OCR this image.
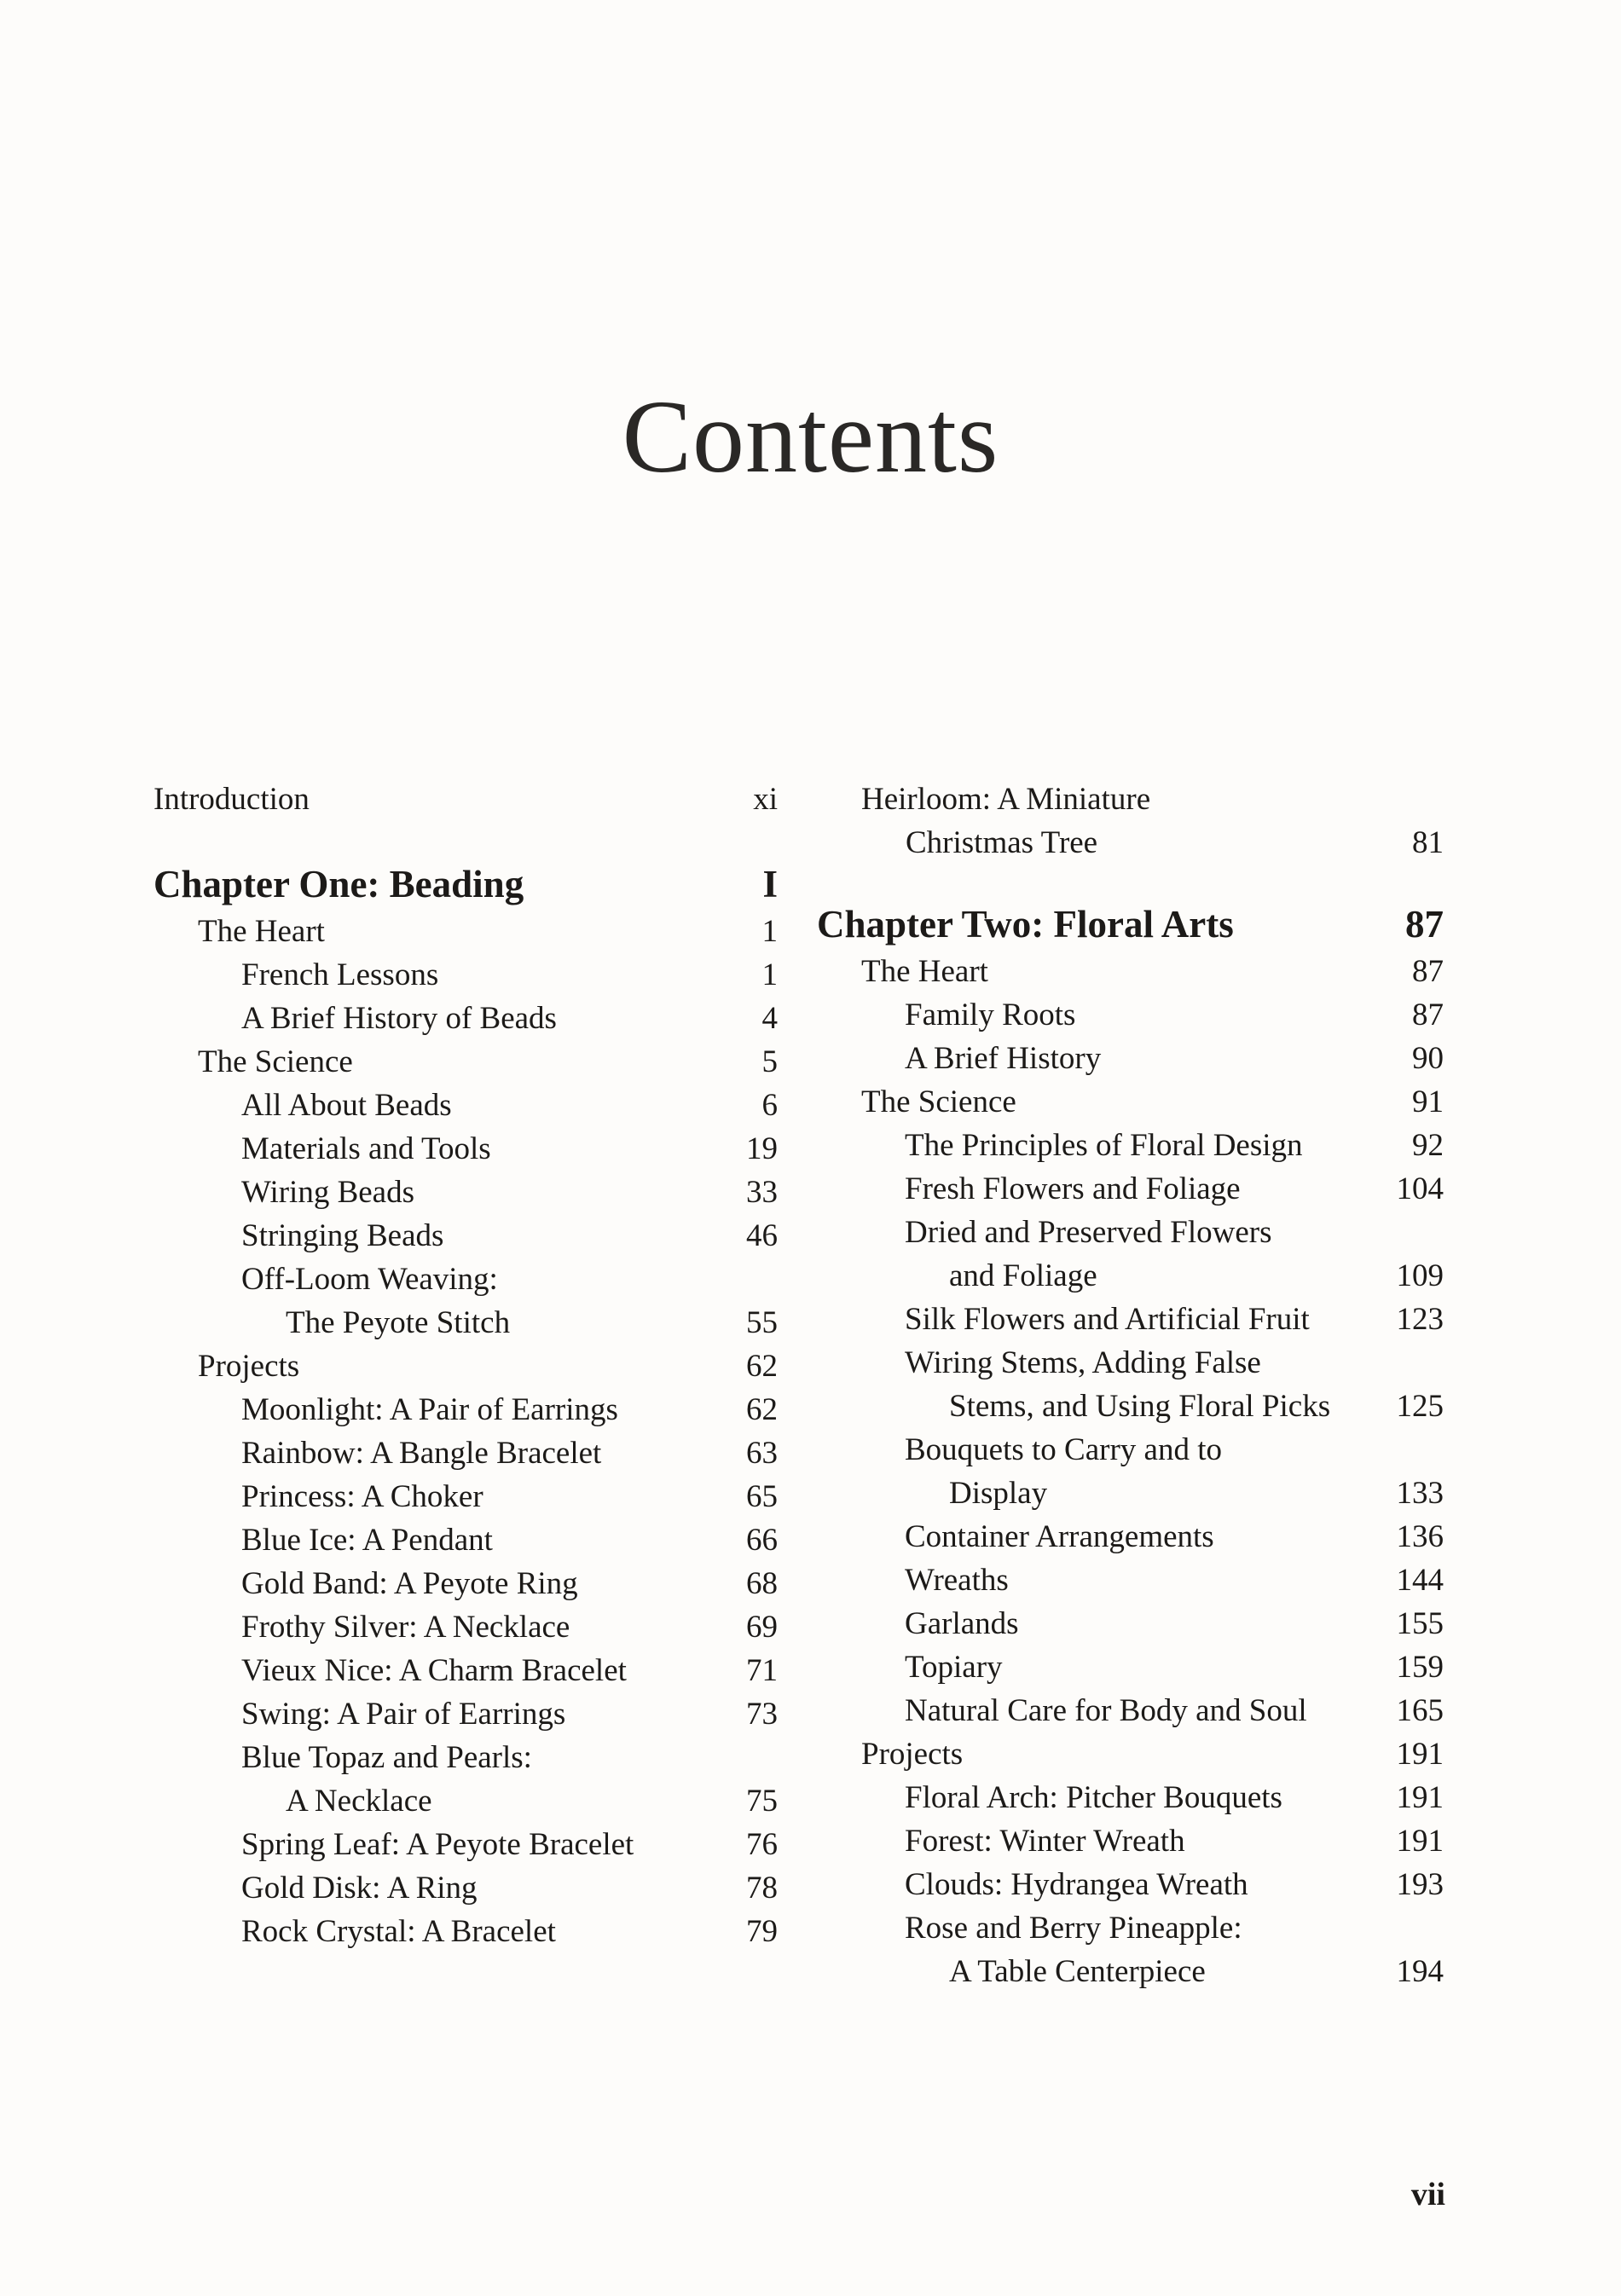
Contents
Introduction	xi
Chapter One: Beading	I
The Heart	1
French Lessons	1
A Brief History of Beads	4
The Science	5
All About Beads	6
Materials and Tools	19
Wiring Beads	33
Stringing Beads	46
Off-Loom Weaving:
The Peyote Stitch	55
Projects	62
Moonlight: A Pair of Earrings	62
Rainbow: A Bangle Bracelet	63
Princess: A Choker	65
Blue Ice: A Pendant	66
Gold Band: A Peyote Ring	68
Frothy Silver: A Necklace	69
Vieux Nice: A Charm Bracelet	71
Swing: A Pair of Earrings	73
Blue Topaz and Pearls:
A Necklace	75
Spring Leaf: A Peyote Bracelet	76
Gold Disk: A Ring	78
Rock Crystal: A Bracelet	79
Heirloom: A Miniature
Christmas Tree	81
Chapter Two: Floral Arts	87
The Heart	87
Family Roots	87
A Brief History	90
The Science	91
The Principles of Floral Design	92
Fresh Flowers and Foliage	104
Dried and Preserved Flowers
and Foliage	109
Silk Flowers and Artificial Fruit	123
Wiring Stems, Adding False
Stems, and Using Floral Picks	125
Bouquets to Carry and to
Display	133
Container Arrangements	136
Wreaths	144
Garlands	155
Topiary	159
Natural Care for Body and Soul	165
Projects	191
Floral Arch: Pitcher Bouquets	191
Forest: Winter Wreath	191
Clouds: Hydrangea Wreath	193
Rose and Berry Pineapple:
A Table Centerpiece	194
vii
